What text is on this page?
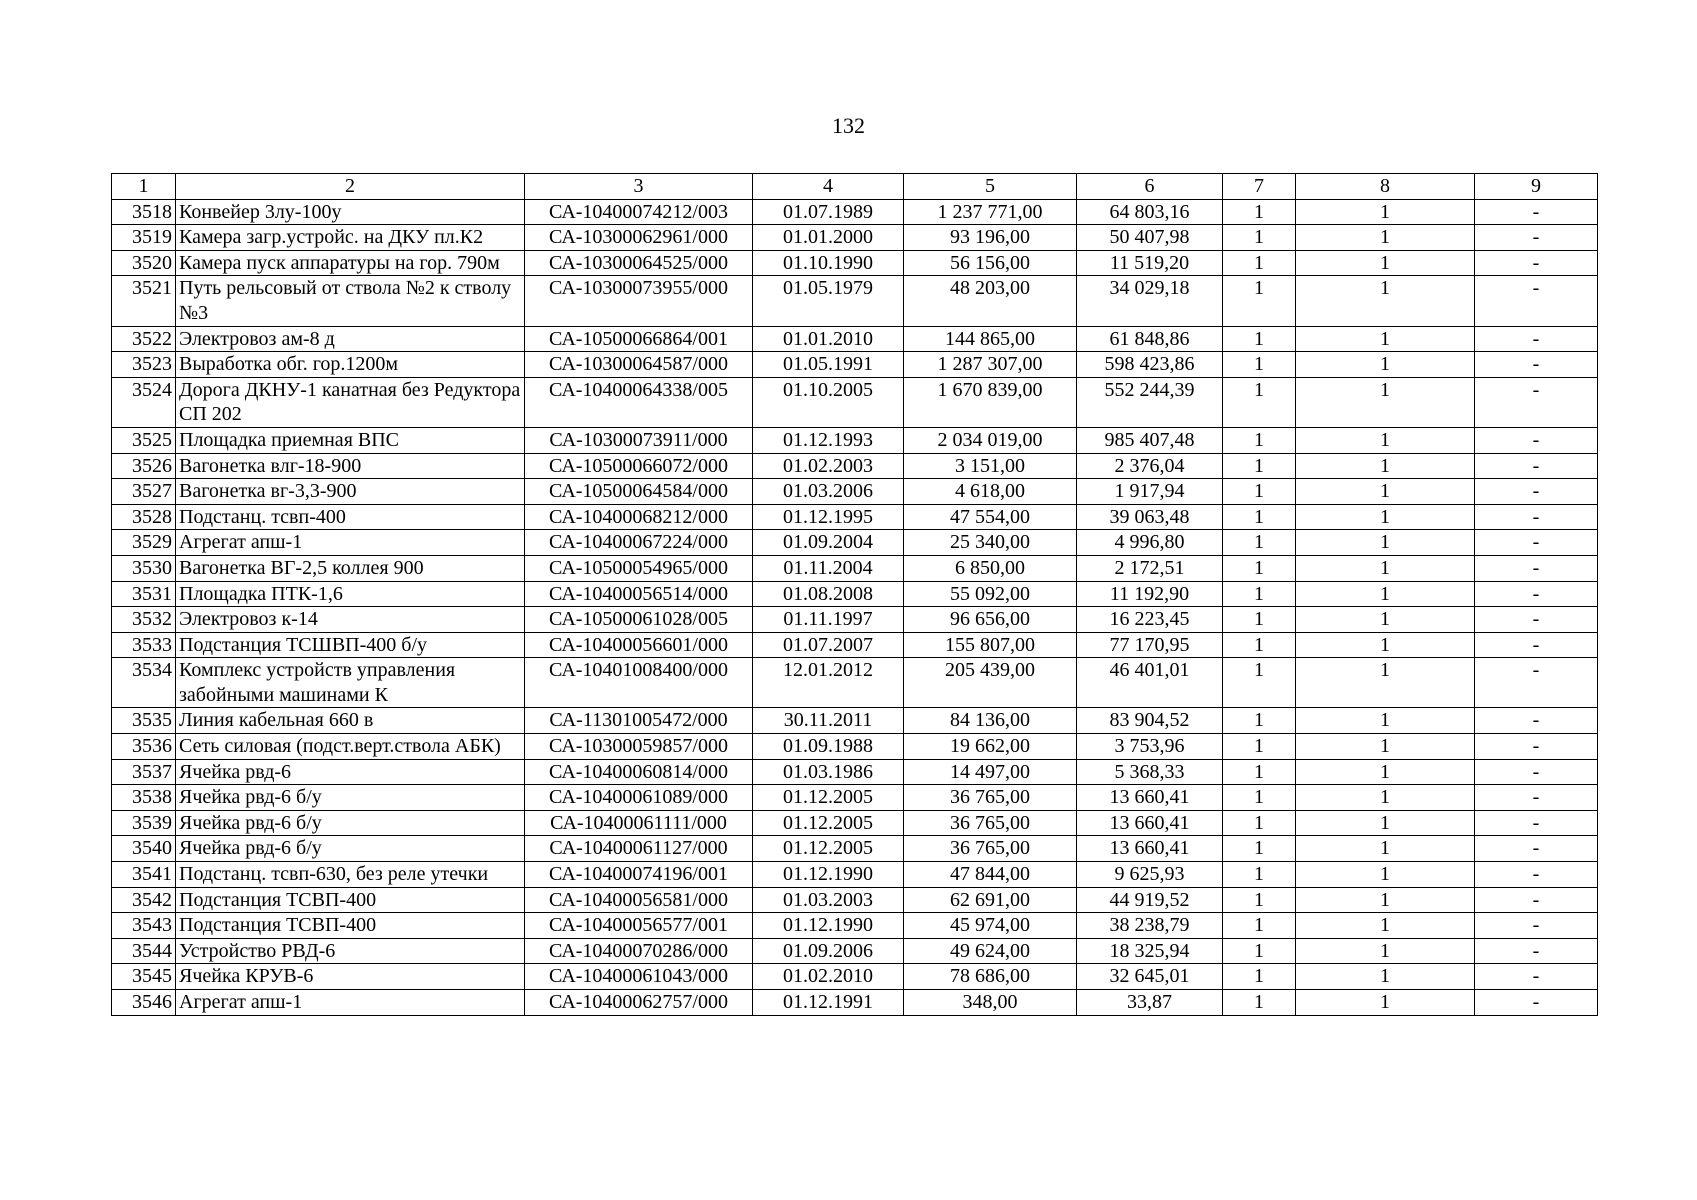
132
1	2	3	4	5	6	7	8	9
3518	Конвейер 3лу-100у	СА-10400074212/003	01.07.1989	1 237 771,00	64 803,16	1	1	-
3519	Камера загр.устройс. на ДКУ пл.К2	СА-10300062961/000	01.01.2000	93 196,00	50 407,98	1	1	-
3520	Камера пуск аппаратуры на гор. 790м	СА-10300064525/000	01.10.1990	56 156,00	11 519,20	1	1	-
3521	Путь рельсовый от ствола №2 к стволу №3	СА-10300073955/000	01.05.1979	48 203,00	34 029,18	1	1	-
3522	Электровоз ам-8 д	СА-10500066864/001	01.01.2010	144 865,00	61 848,86	1	1	-
3523	Выработка обг. гор.1200м	СА-10300064587/000	01.05.1991	1 287 307,00	598 423,86	1	1	-
3524	Дорога ДКНУ-1 канатная без Редуктора СП 202	СА-10400064338/005	01.10.2005	1 670 839,00	552 244,39	1	1	-
3525	Площадка приемная ВПС	СА-10300073911/000	01.12.1993	2 034 019,00	985 407,48	1	1	-
3526	Вагонетка влг-18-900	СА-10500066072/000	01.02.2003	3 151,00	2 376,04	1	1	-
3527	Вагонетка вг-3,3-900	СА-10500064584/000	01.03.2006	4 618,00	1 917,94	1	1	-
3528	Подстанц. тсвп-400	СА-10400068212/000	01.12.1995	47 554,00	39 063,48	1	1	-
3529	Агрегат апш-1	СА-10400067224/000	01.09.2004	25 340,00	4 996,80	1	1	-
3530	Вагонетка ВГ-2,5 коллея 900	СА-10500054965/000	01.11.2004	6 850,00	2 172,51	1	1	-
3531	Площадка ПТК-1,6	СА-10400056514/000	01.08.2008	55 092,00	11 192,90	1	1	-
3532	Электровоз к-14	СА-10500061028/005	01.11.1997	96 656,00	16 223,45	1	1	-
3533	Подстанция ТСШВП-400 б/у	СА-10400056601/000	01.07.2007	155 807,00	77 170,95	1	1	-
3534	Комплекс устройств управления забойными машинами К	СА-10401008400/000	12.01.2012	205 439,00	46 401,01	1	1	-
3535	Линия кабельная 660 в	СА-11301005472/000	30.11.2011	84 136,00	83 904,52	1	1	-
3536	Сеть силовая (подст.верт.ствола АБК)	СА-10300059857/000	01.09.1988	19 662,00	3 753,96	1	1	-
3537	Ячейка рвд-6	СА-10400060814/000	01.03.1986	14 497,00	5 368,33	1	1	-
3538	Ячейка рвд-6 б/у	СА-10400061089/000	01.12.2005	36 765,00	13 660,41	1	1	-
3539	Ячейка рвд-6 б/у	СА-10400061111/000	01.12.2005	36 765,00	13 660,41	1	1	-
3540	Ячейка рвд-6 б/у	СА-10400061127/000	01.12.2005	36 765,00	13 660,41	1	1	-
3541	Подстанц. тсвп-630, без реле утечки	СА-10400074196/001	01.12.1990	47 844,00	9 625,93	1	1	-
3542	Подстанция ТСВП-400	СА-10400056581/000	01.03.2003	62 691,00	44 919,52	1	1	-
3543	Подстанция ТСВП-400	СА-10400056577/001	01.12.1990	45 974,00	38 238,79	1	1	-
3544	Устройство РВД-6	СА-10400070286/000	01.09.2006	49 624,00	18 325,94	1	1	-
3545	Ячейка КРУВ-6	СА-10400061043/000	01.02.2010	78 686,00	32 645,01	1	1	-
3546	Агрегат апш-1	СА-10400062757/000	01.12.1991	348,00	33,87	1	1	-
